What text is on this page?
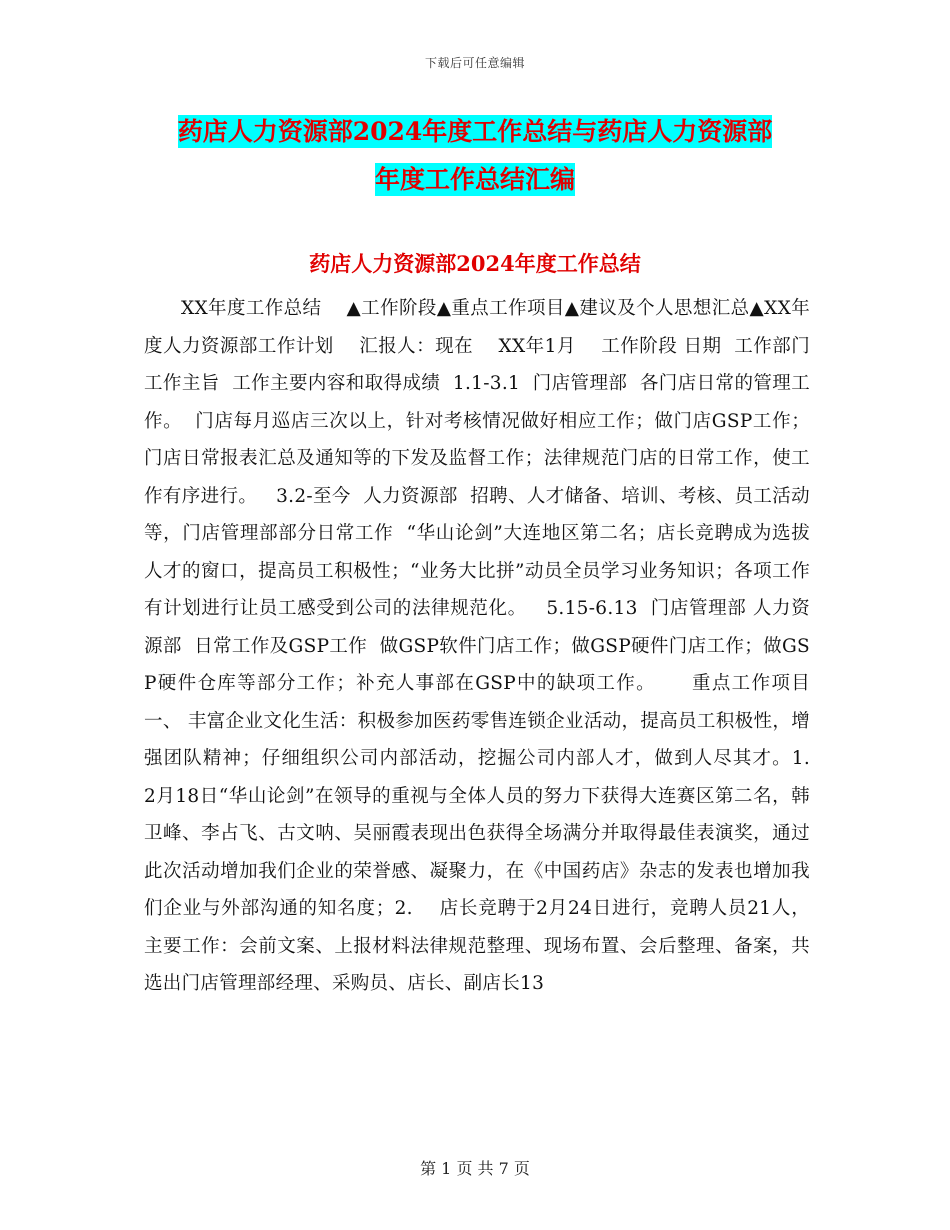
下载后可任意编辑
药店人力资源部2024年度工作总结与药店人力资源部
年度工作总结汇编
药店人力资源部2024年度工作总结
XX年度工作总结    ▲工作阶段▲重点工作项目▲建议及个人思想汇总▲XX年度人力资源部工作计划    汇报人：现在    XX年1月    工作阶段 日期  工作部门  工作主旨  工作主要内容和取得成绩  1.1-3.1  门店管理部  各门店日常的管理工作。  门店每月巡店三次以上，针对考核情况做好相应工作；做门店GSP工作；门店日常报表汇总及通知等的下发及监督工作；法律规范门店的日常工作，使工作有序进行。   3.2-至今  人力资源部  招聘、人才储备、培训、考核、员工活动等，门店管理部部分日常工作  “华山论剑”大连地区第二名；店长竞聘成为选拔人才的窗口，提高员工积极性；“业务大比拼”动员全员学习业务知识；各项工作有计划进行让员工感受到公司的法律规范化。   5.15-6.13  门店管理部 人力资源部  日常工作及GSP工作  做GSP软件门店工作；做GSP硬件门店工作；做GSP硬件仓库等部分工作；补充人事部在GSP中的缺项工作。     重点工作项目一、 丰富企业文化生活：积极参加医药零售连锁企业活动，提高员工积极性，增强团队精神；仔细组织公司内部活动，挖掘公司内部人才，做到人尽其才。1.    2月18日“华山论剑”在领导的重视与全体人员的努力下获得大连赛区第二名，韩卫峰、李占飞、古文呐、吴丽霞表现出色获得全场满分并取得最佳表演奖，通过此次活动增加我们企业的荣誉感、凝聚力，在《中国药店》杂志的发表也增加我们企业与外部沟通的知名度；2.    店长竞聘于2月24日进行，竞聘人员21人，主要工作：会前文案、上报材料法律规范整理、现场布置、会后整理、备案，共选出门店管理部经理、采购员、店长、副店长13
第 1 页 共 7 页
